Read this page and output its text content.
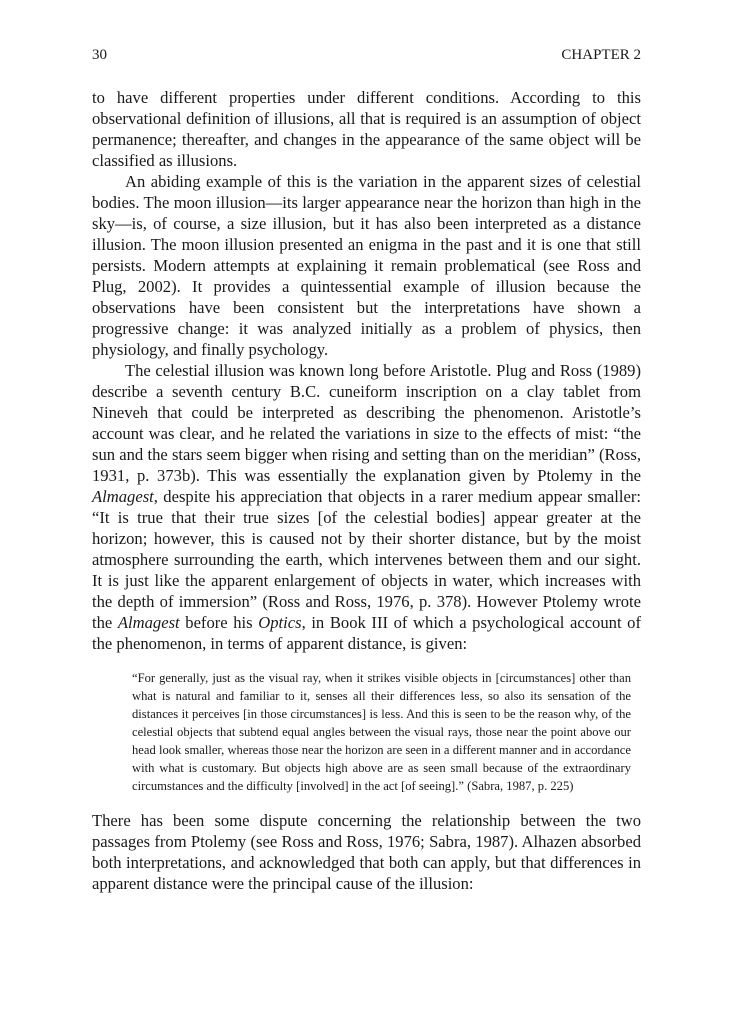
30	CHAPTER 2

to have different properties under different conditions. According to this observational definition of illusions, all that is required is an assumption of object permanence; thereafter, and changes in the appearance of the same object will be classified as illusions.

An abiding example of this is the variation in the apparent sizes of celestial bodies. The moon illusion—its larger appearance near the horizon than high in the sky—is, of course, a size illusion, but it has also been interpreted as a distance illusion. The moon illusion presented an enigma in the past and it is one that still persists. Modern attempts at explaining it remain problematical (see Ross and Plug, 2002). It provides a quintessential example of illusion because the observations have been consistent but the interpretations have shown a progressive change: it was analyzed initially as a problem of physics, then physiology, and finally psychology.

The celestial illusion was known long before Aristotle. Plug and Ross (1989) describe a seventh century B.C. cuneiform inscription on a clay tablet from Nineveh that could be interpreted as describing the phenomenon. Aristotle’s account was clear, and he related the variations in size to the effects of mist: “the sun and the stars seem bigger when rising and setting than on the meridian” (Ross, 1931, p. 373b). This was essentially the explanation given by Ptolemy in the Almagest, despite his appreciation that objects in a rarer medium appear smaller: “It is true that their true sizes [of the celestial bodies] appear greater at the horizon; however, this is caused not by their shorter distance, but by the moist atmosphere surrounding the earth, which intervenes between them and our sight. It is just like the apparent enlargement of objects in water, which increases with the depth of immersion” (Ross and Ross, 1976, p. 378). However Ptolemy wrote the Almagest before his Optics, in Book III of which a psychological account of the phenomenon, in terms of apparent distance, is given:

“For generally, just as the visual ray, when it strikes visible objects in [circumstances] other than what is natural and familiar to it, senses all their differences less, so also its sensation of the distances it perceives [in those circumstances] is less. And this is seen to be the reason why, of the celestial objects that subtend equal angles between the visual rays, those near the point above our head look smaller, whereas those near the horizon are seen in a different manner and in accordance with what is customary. But objects high above are as seen small because of the extraordinary circumstances and the difficulty [involved] in the act [of seeing].” (Sabra, 1987, p. 225)

There has been some dispute concerning the relationship between the two passages from Ptolemy (see Ross and Ross, 1976; Sabra, 1987). Alhazen absorbed both interpretations, and acknowledged that both can apply, but that differences in apparent distance were the principal cause of the illusion:
